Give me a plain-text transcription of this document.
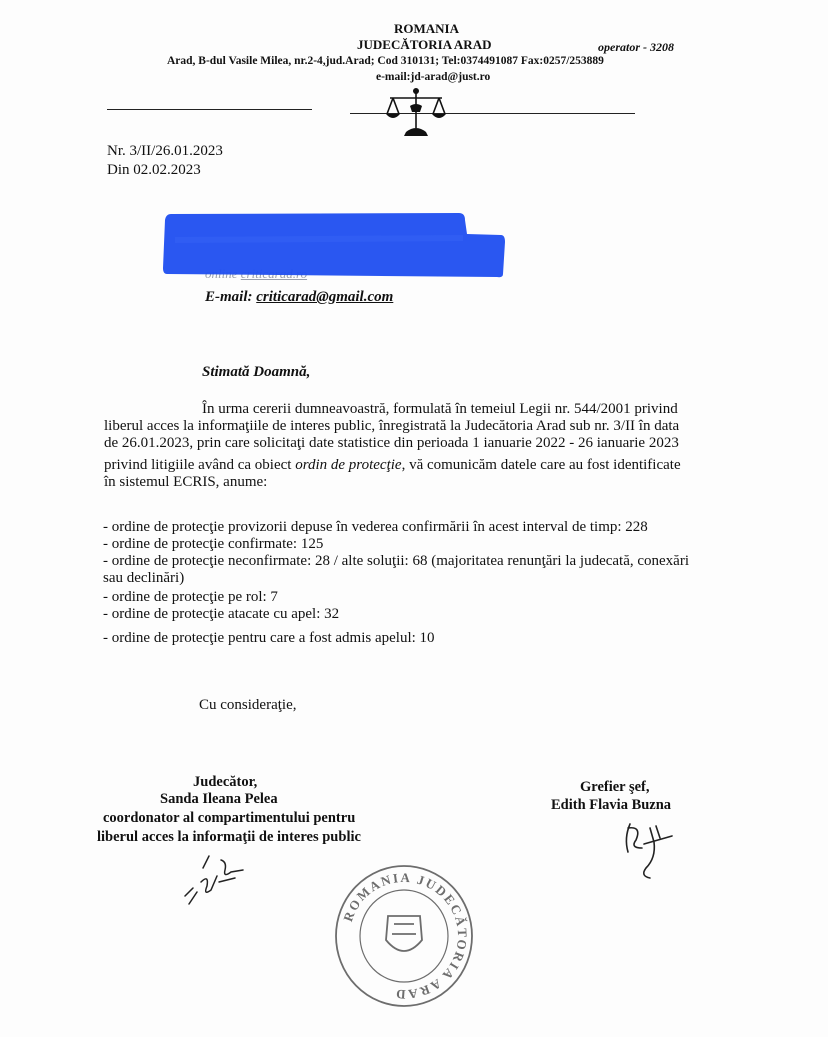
ROMANIA
JUDECĂTORIA ARAD	operator - 3208
Arad, B-dul Vasile Milea, nr.2-4,jud.Arad; Cod 310131; Tel:0374491087 Fax:0257/253889
e-mail:jd-arad@just.ro
Nr. 3/II/26.01.2023
Din 02.02.2023
E-mail: criticarad@gmail.com
Stimată Doamnă,
În urma cererii dumneavoastră, formulată în temeiul Legii nr. 544/2001 privind
liberul acces la informaţiile de interes public, înregistrată la Judecătoria Arad sub nr. 3/II în data
de 26.01.2023, prin care solicitaţi date statistice din perioada 1 ianuarie 2022 - 26 ianuarie 2023
privind litigiile având ca obiect ordin de protecţie, vă comunicăm datele care au fost identificate
în sistemul ECRIS, anume:
- ordine de protecţie provizorii depuse în vederea confirmării în acest interval de timp: 228
- ordine de protecţie confirmate: 125
- ordine de protecţie neconfirmate: 28 / alte soluţii: 68 (majoritatea renunţări la judecată, conexări
sau declinări)
- ordine de protecţie pe rol: 7
- ordine de protecţie atacate cu apel: 32
- ordine de protecţie pentru care a fost admis apelul: 10
Cu consideraţie,
Judecător,
Sanda Ileana Pelea
coordonator al compartimentului pentru
liberul acces la informaţii de interes public
Grefier şef,
Edith Flavia Buzna
ROMANIA JUDECĂTORIA ARAD
